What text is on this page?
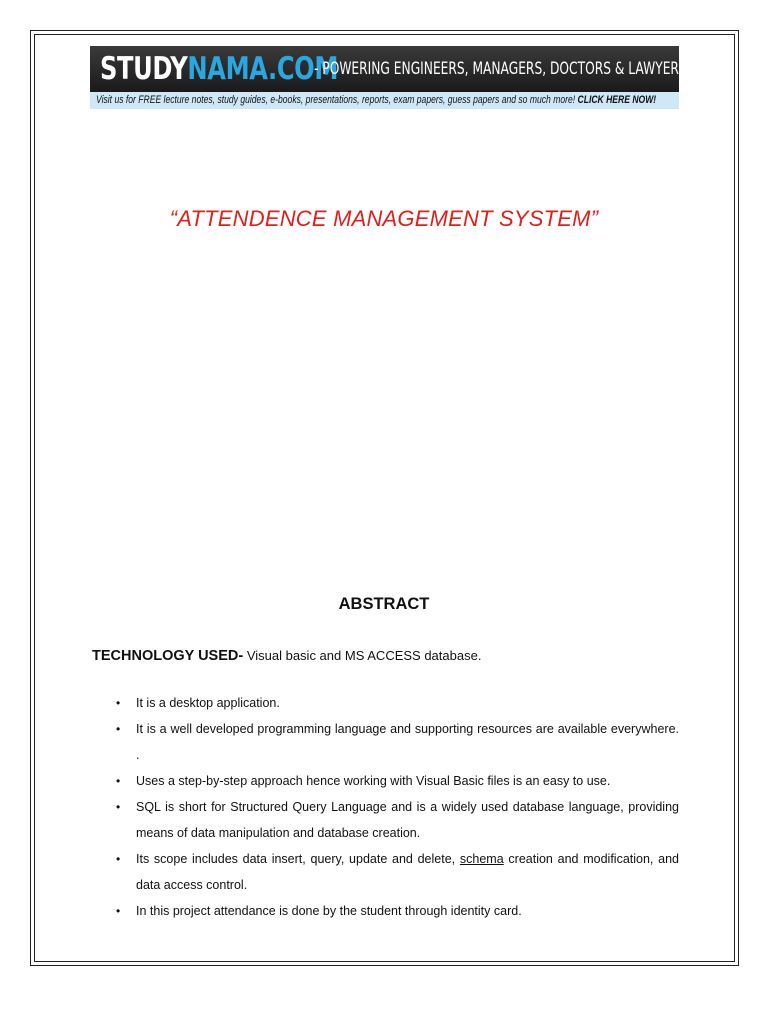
STUDYNAMA.COM
- POWERING ENGINEERS, MANAGERS, DOCTORS & LAWYERS.
Visit us for FREE lecture notes, study guides, e-books, presentations, reports, exam papers, guess papers and so much more! CLICK HERE NOW!
“ATTENDENCE MANAGEMENT SYSTEM”
ABSTRACT
TECHNOLOGY USED- Visual basic and MS ACCESS database.
• It is a desktop application.
• It is a well developed programming language and supporting resources are available everywhere. .
• Uses a step-by-step approach hence working with Visual Basic files is an easy to use.
• SQL is short for Structured Query Language and is a widely used database language, providing means of data manipulation and database creation.
• Its scope includes data insert, query, update and delete, schema creation and modification, and data access control.
• In this project attendance is done by the student through identity card.
